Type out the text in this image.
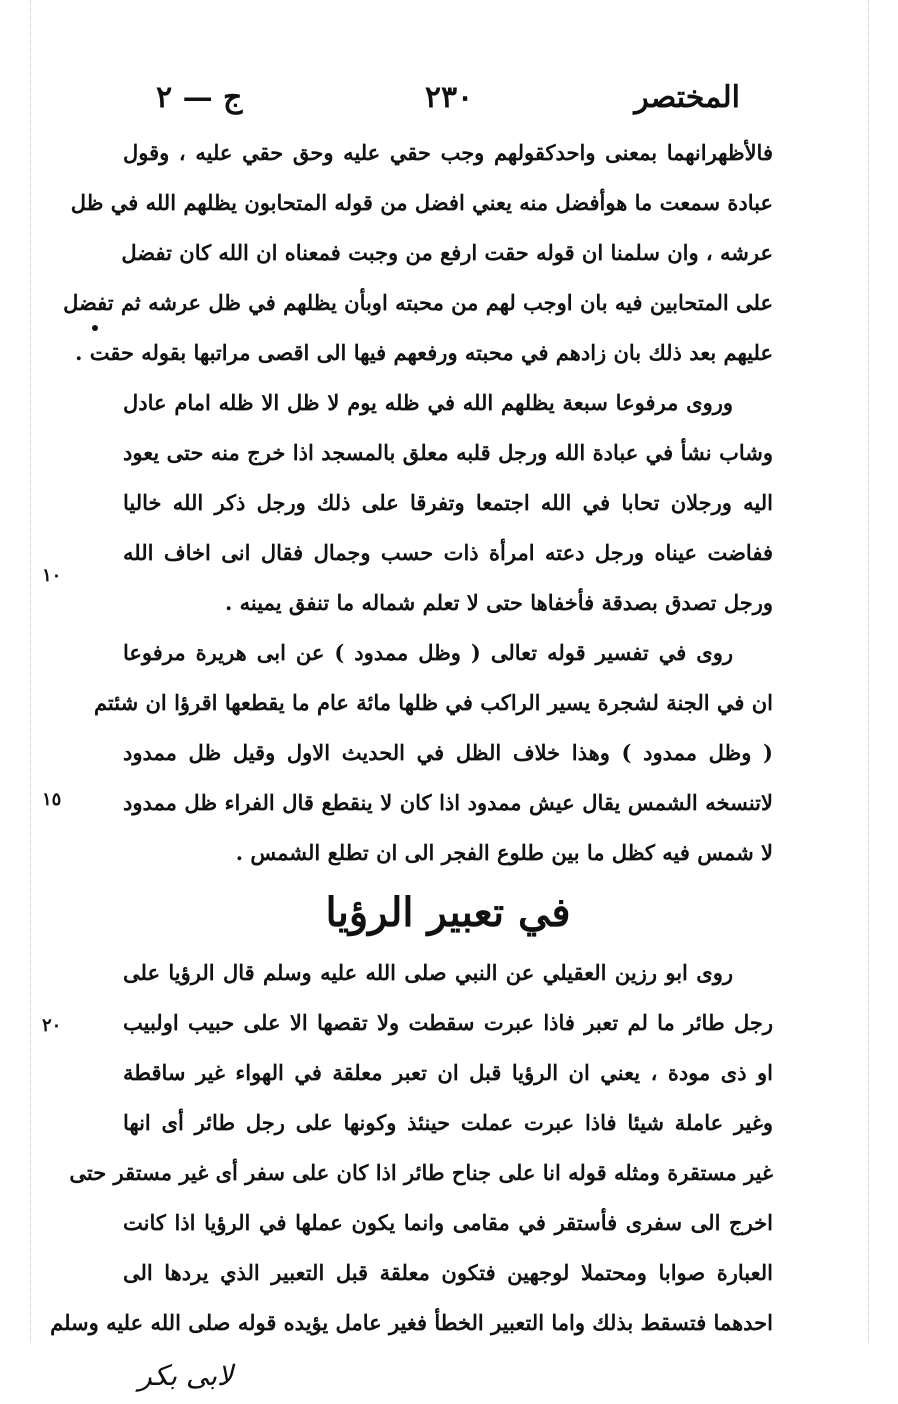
المختصر
٢٣٠
ج — ٢
١٠
١٥
٢٠
فالأظهرانهما بمعنى واحدكقولهم وجب حقي عليه وحق حقي عليه ، وقول
عبادة سمعت ما هوأفضل منه يعني افضل من قوله المتحابون يظلهم الله في ظل
عرشه ، وان سلمنا ان قوله حقت ارفع من وجبت فمعناه ان الله كان تفضل
على المتحابين فيه بان اوجب لهم من محبته اوبأن يظلهم في ظل عرشه ثم تفضل
عليهم بعد ذلك بان زادهم في محبته ورفعهم فيها الى اقصى مراتبها بقوله حقت .
وروى مرفوعا سبعة يظلهم الله في ظله يوم لا ظل الا ظله امام عادل
وشاب نشأ في عبادة الله ورجل قلبه معلق بالمسجد اذا خرج منه حتى يعود
اليه ورجلان تحابا في الله اجتمعا وتفرقا على ذلك ورجل ذكر الله خاليا
ففاضت عيناه ورجل دعته امرأة ذات حسب وجمال فقال انى اخاف الله
ورجل تصدق بصدقة فأخفاها حتى لا تعلم شماله ما تنفق يمينه .
روى في تفسير قوله تعالى ( وظل ممدود ) عن ابى هريرة مرفوعا
ان في الجنة لشجرة يسير الراكب في ظلها مائة عام ما يقطعها اقرؤا ان شئتم
( وظل ممدود ) وهذا خلاف الظل في الحديث الاول وقيل ظل ممدود
لاتنسخه الشمس يقال عيش ممدود اذا كان لا ينقطع قال الفراء ظل ممدود
لا شمس فيه كظل ما بين طلوع الفجر الى ان تطلع الشمس .
في تعبير الرؤيا
روى ابو رزين العقيلي عن النبي صلى الله عليه وسلم قال الرؤيا على
رجل طائر ما لم تعبر فاذا عبرت سقطت ولا تقصها الا على حبيب اولبيب
او ذى مودة ، يعني ان الرؤيا قبل ان تعبر معلقة في الهواء غير ساقطة
وغير عاملة شيئا فاذا عبرت عملت حينئذ وكونها على رجل طائر أى انها
غير مستقرة ومثله قوله انا على جناح طائر اذا كان على سفر أى غير مستقر حتى
اخرج الى سفرى فأستقر في مقامى وانما يكون عملها في الرؤيا اذا كانت
العبارة صوابا ومحتملا لوجهين فتكون معلقة قبل التعبير الذي يردها الى
احدهما فتسقط بذلك واما التعبير الخطأ فغير عامل يؤيده قوله صلى الله عليه وسلم
لابى بكر
